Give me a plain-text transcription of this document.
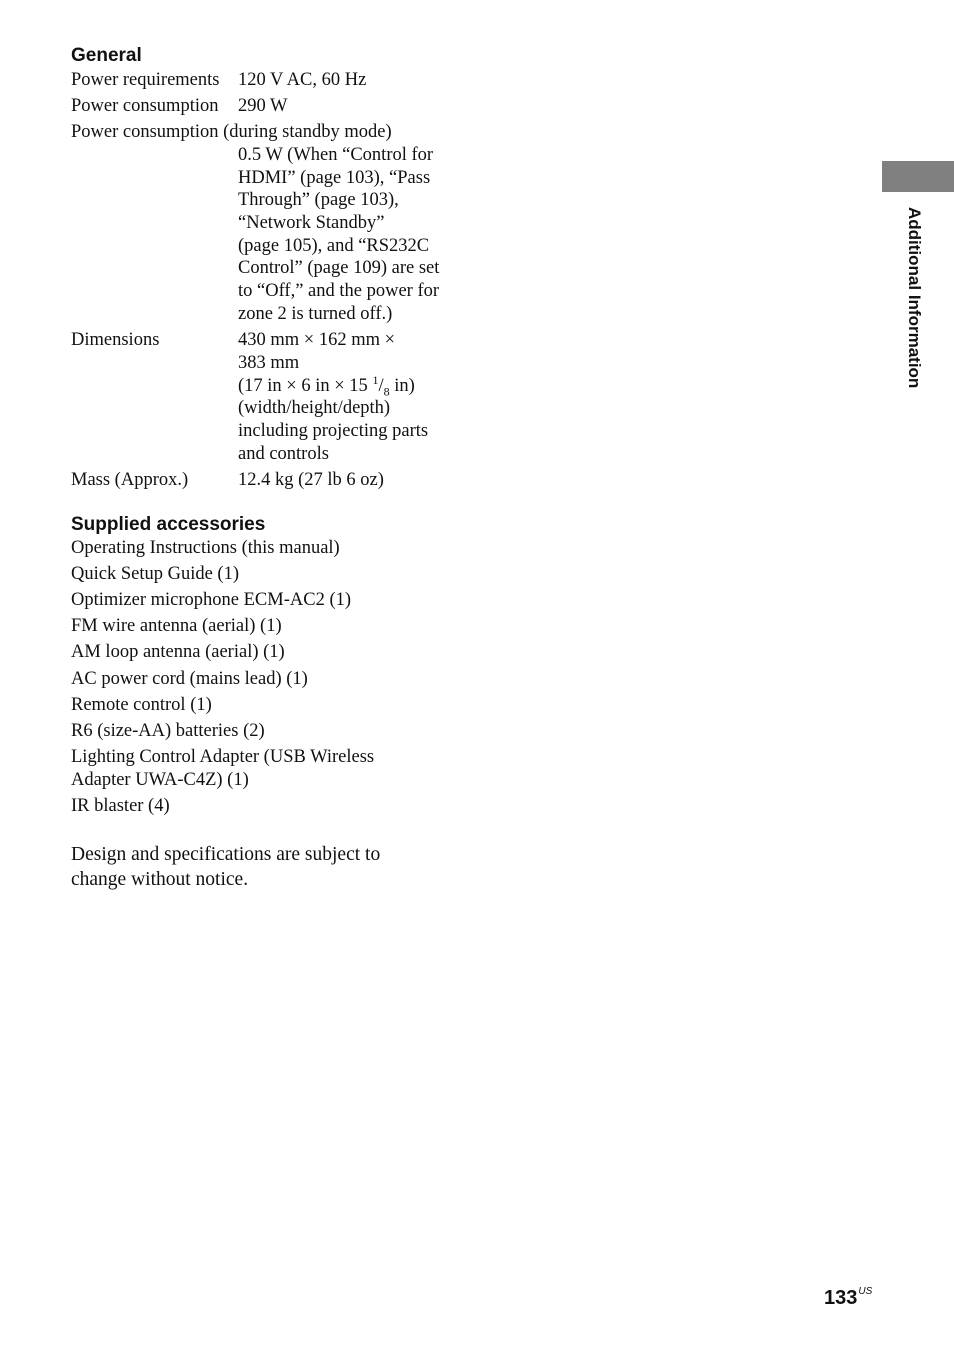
Additional Information
General
Power requirements 120 V AC, 60 Hz
Power consumption 290 W
Power consumption (during standby mode)
0.5 W (When “Control for
HDMI” (page 103), “Pass
Through” (page 103),
“Network Standby”
(page 105), and “RS232C
Control” (page 109) are set
to “Off,” and the power for
zone 2 is turned off.)
Dimensions	430 mm × 162 mm ×
383 mm
(17 in × 6 in × 15 $^1/_8$ in)
(width/height/depth)
including projecting parts
and controls
Mass (Approx.)	12.4 kg (27 lb 6 oz)
Supplied accessories
Operating Instructions (this manual)
Quick Setup Guide (1)
Optimizer microphone ECM-AC2 (1)
FM wire antenna (aerial) (1)
AM loop antenna (aerial) (1)
AC power cord (mains lead) (1)
Remote control (1)
R6 (size-AA) batteries (2)
Lighting Control Adapter (USB Wireless
Adapter UWA-C4Z) (1)
IR blaster (4)
Design and specifications are subject to
change without notice.
$133^{US}$
